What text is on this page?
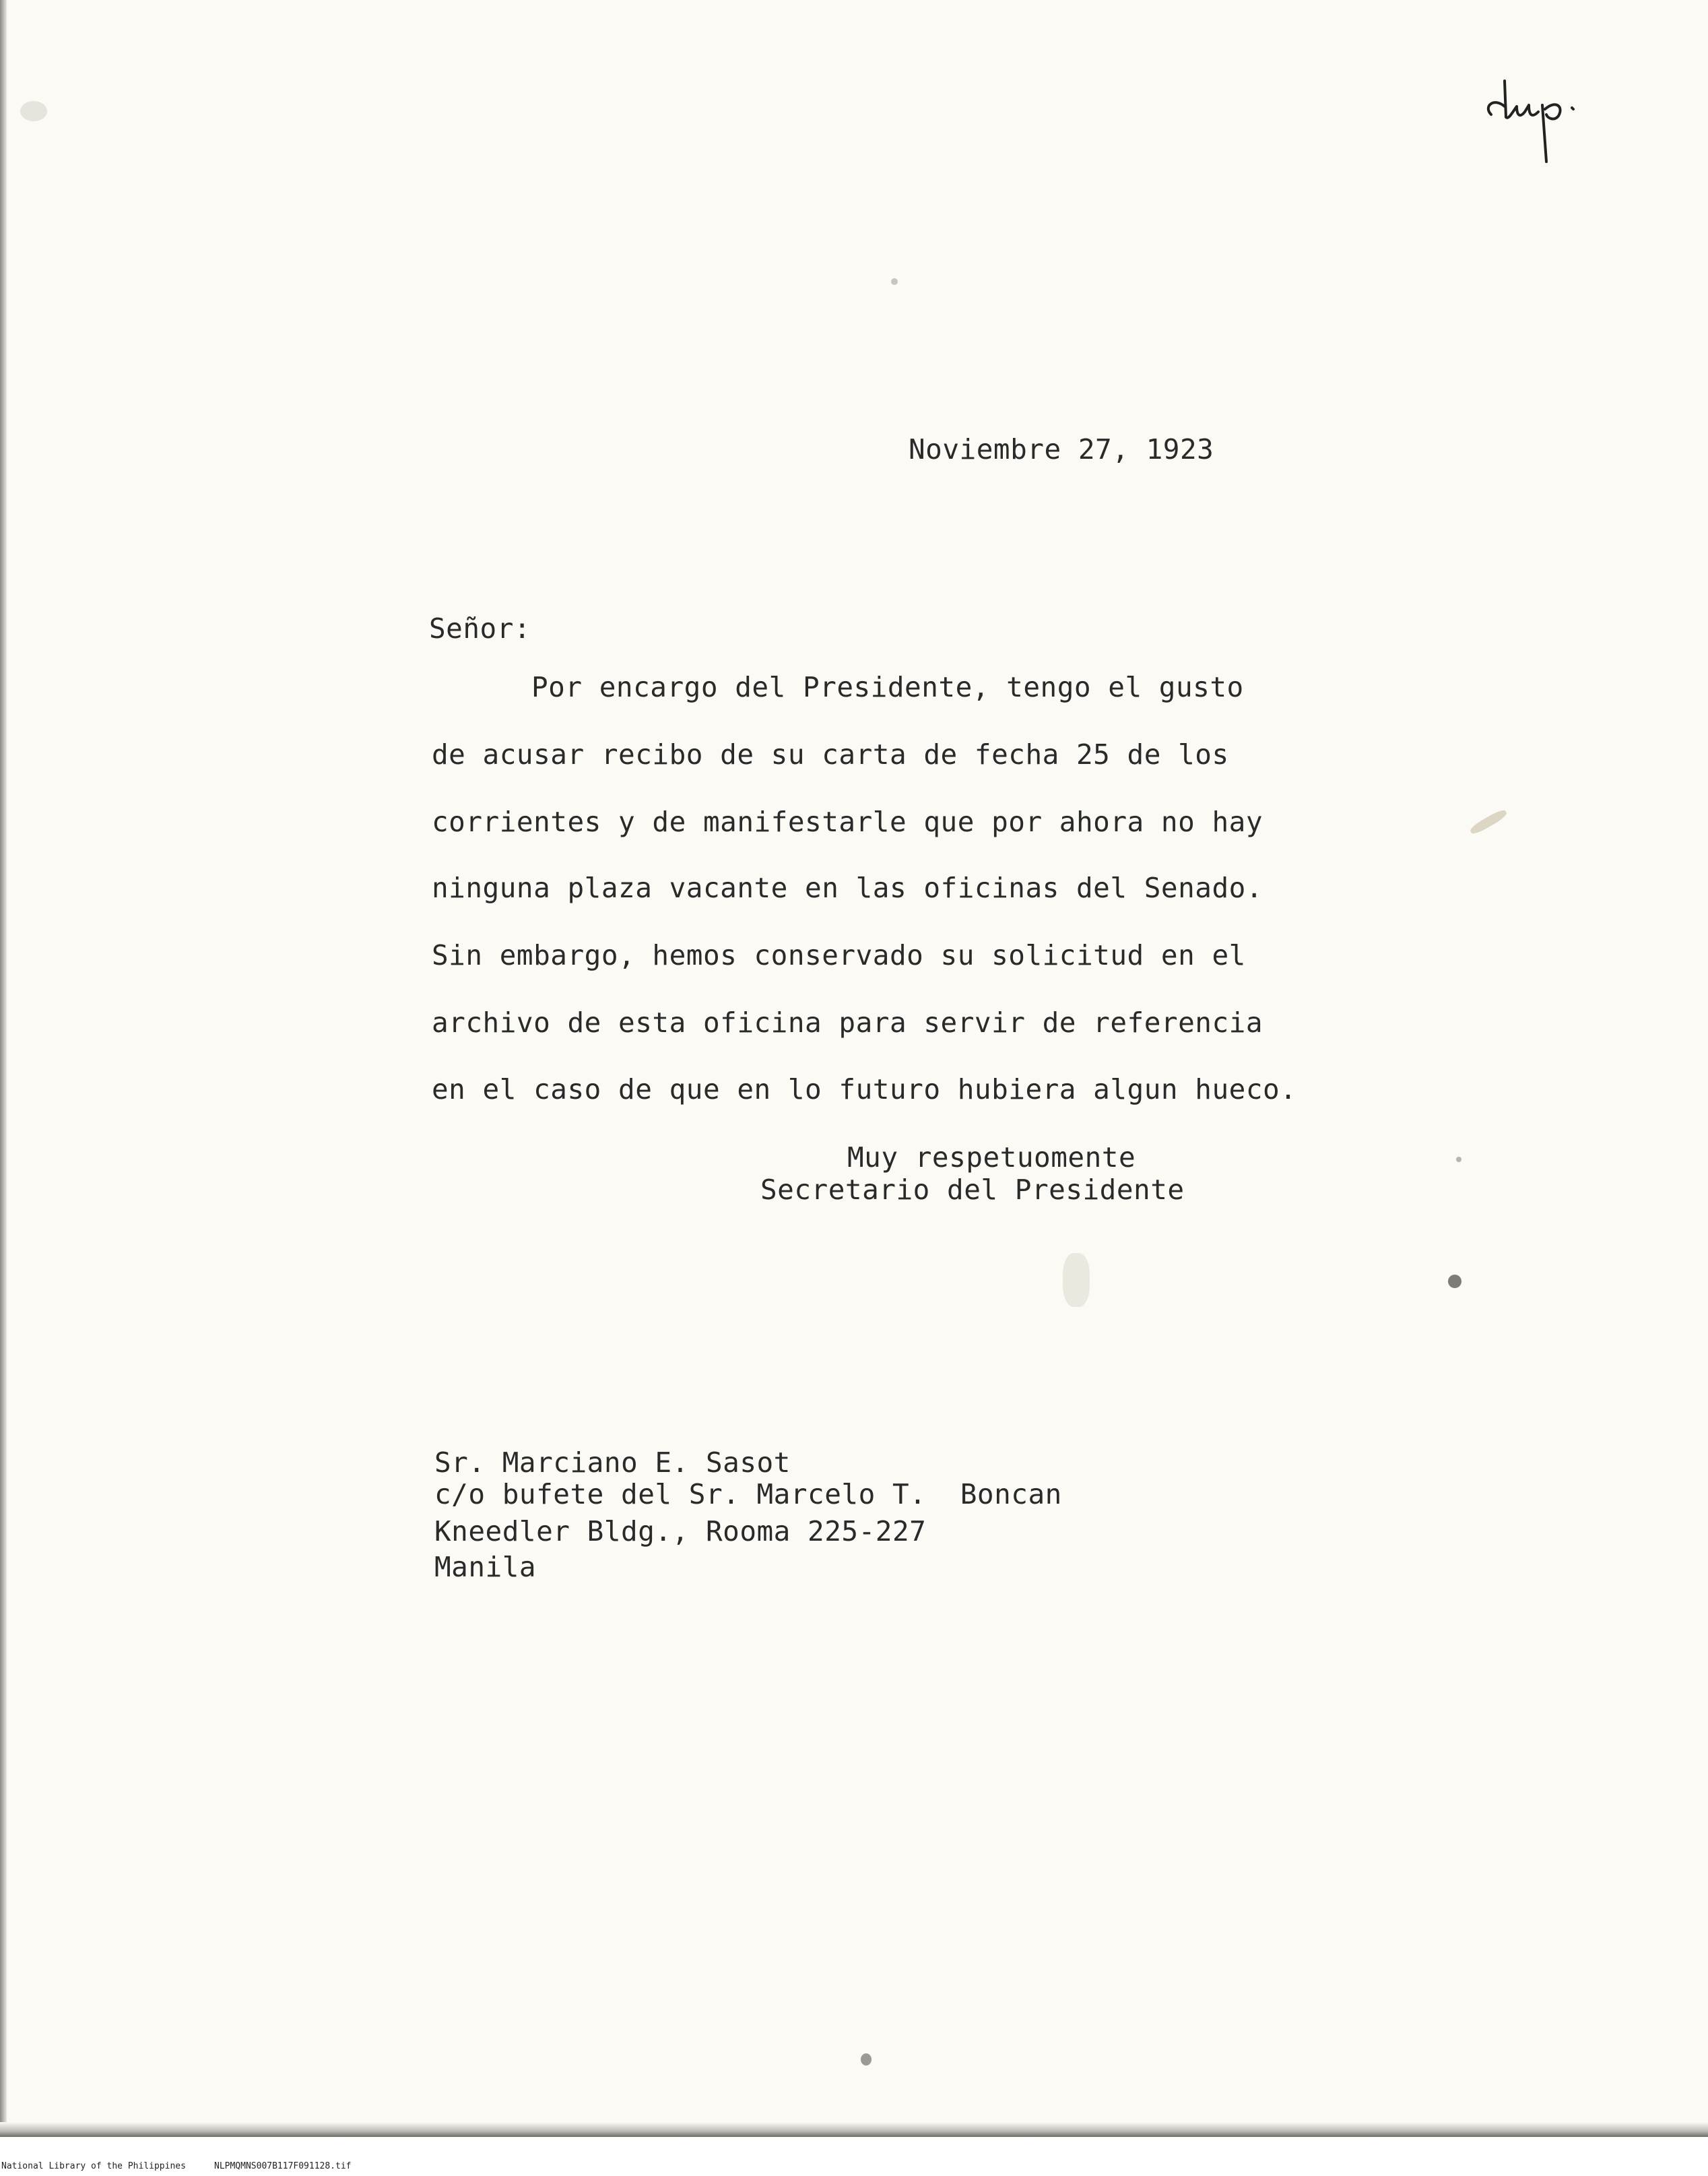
Noviembre 27, 1923

Señor:

Por encargo del Presidente, tengo el gusto

de acusar recibo de su carta de fecha 25 de los

corrientes y de manifestarle que por ahora no hay

ninguna plaza vacante en las oficinas del Senado.

Sin embargo, hemos conservado su solicitud en el

archivo de esta oficina para servir de referencia

en el caso de que en lo futuro hubiera algun hueco.

Muy respetuomente

Secretario del Presidente

Sr. Marciano E. Sasot

c/o bufete del Sr. Marcelo T.  Boncan

Kneedler Bldg., Rooma 225-227

Manila

National Library of the Philippines	NLPMQMNS007B117F091128.tif
